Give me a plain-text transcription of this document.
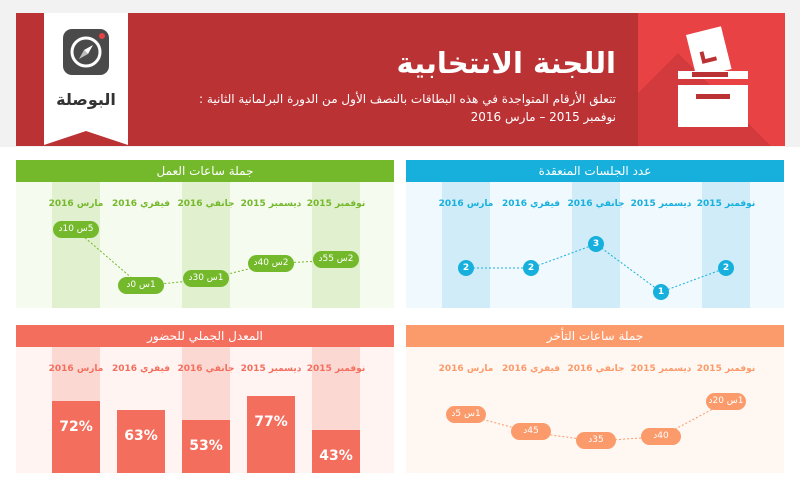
البوصلة
اللجنة الانتخابية
تتعلق الأرقام المتواجدة في هذه البطاقات بالنصف الأول من الدورة البرلمانية الثانية :
نوفمبر 2015 – مارس 2016
عدد الجلسات المنعقدة
نوفمبر 2015
ديسمبر 2015
جانفي 2016
فيفري 2016
مارس 2016
2
1
3
2
2
جملة ساعات العمل
نوفمبر 2015
ديسمبر 2015
جانفي 2016
فيفري 2016
مارس 2016
2س 55د
2س 40د
1س 30د
1س 0د
5س 10د
جملة ساعات التأخر
نوفمبر 2015
ديسمبر 2015
جانفي 2016
فيفري 2016
مارس 2016
1س 20د
40د
35د
45د
1س 5د
المعدل الجملي للحضور
نوفمبر 2015
ديسمبر 2015
جانفي 2016
فيفري 2016
مارس 2016
43%
77%
53%
63%
72%
